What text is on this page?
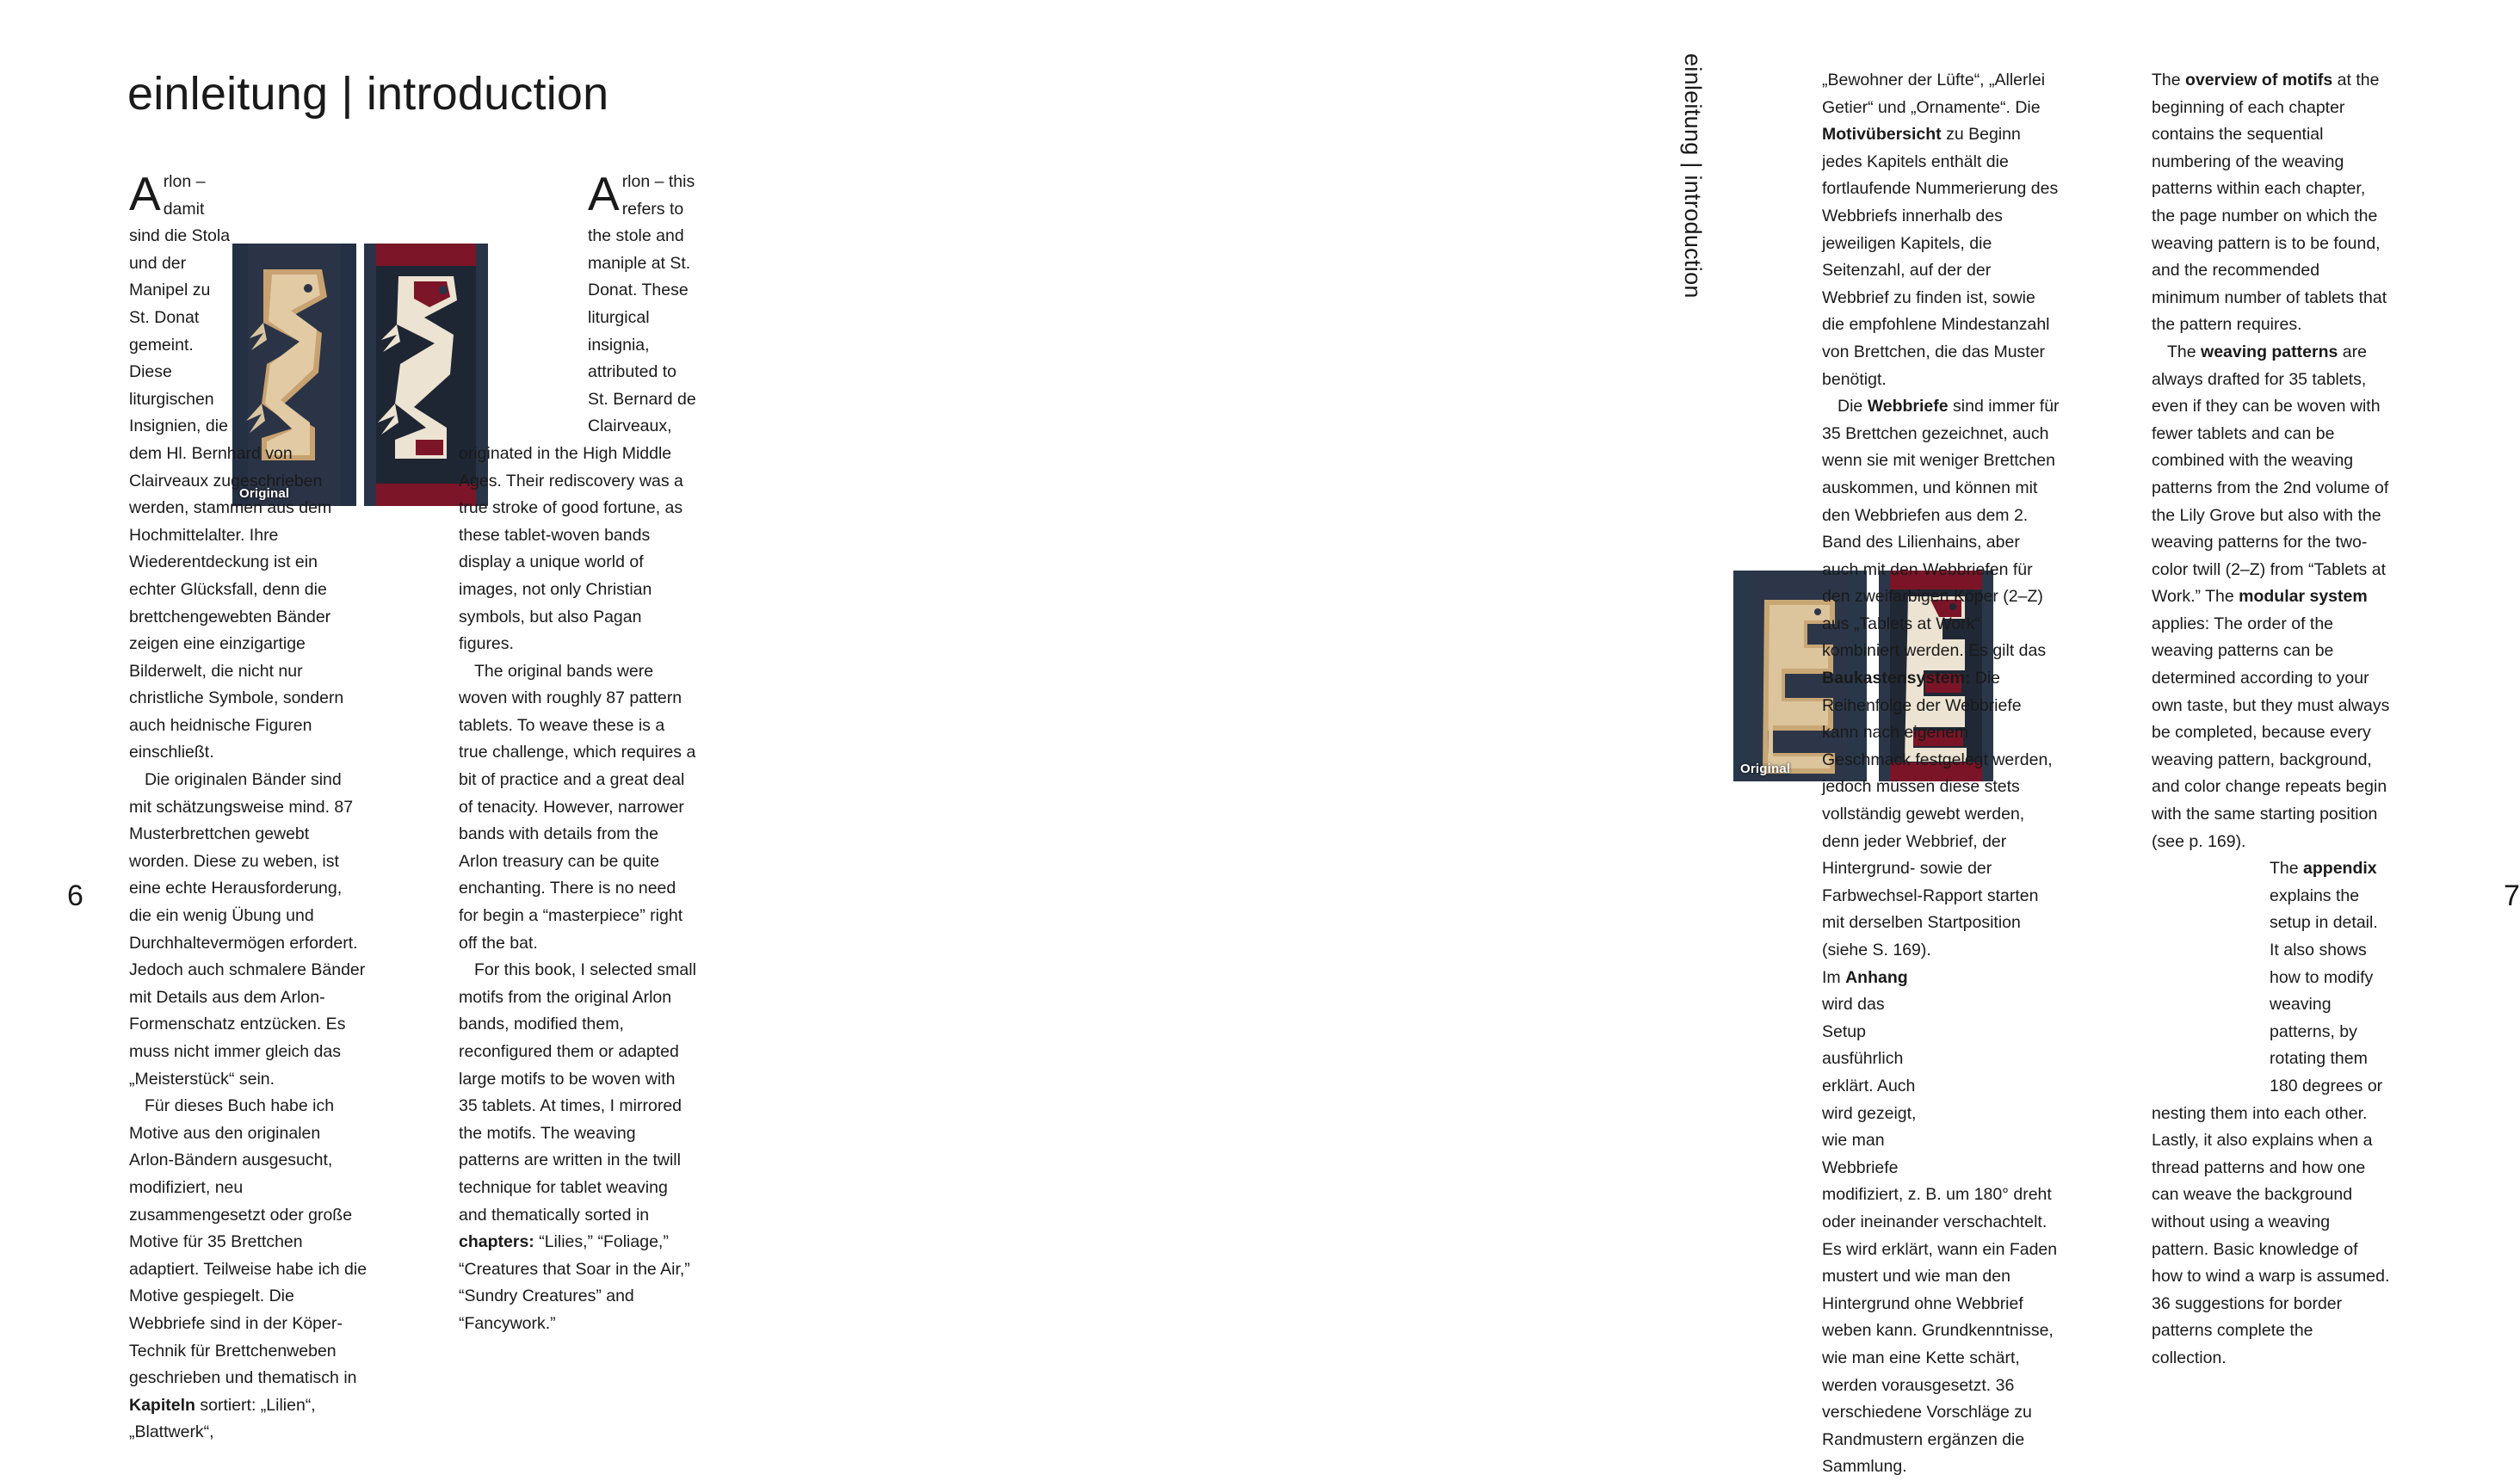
einleitung | introduction
Original

Arlon – damit sind die Stola und der Manipel zu St. Donat gemeint. Diese liturgischen Insignien, die dem Hl. Bernhard von Clairveaux zugeschrieben werden, stammen aus dem Hochmittelalter. Ihre Wiederentdeckung ist ein echter Glücksfall, denn die brettchengewebten Bänder zeigen eine einzigartige Bilderwelt, die nicht nur christliche Symbole, sondern auch heidnische Figuren einschließt.

Die originalen Bänder sind mit schätzungsweise mind. 87 Musterbrettchen gewebt worden. Diese zu weben, ist eine echte Herausforderung, die ein wenig Übung und Durchhaltevermögen erfordert. Jedoch auch schmalere Bänder mit Details aus dem Arlon-Formenschatz entzücken. Es muss nicht immer gleich das „Meisterstück“ sein.

Für dieses Buch habe ich Motive aus den originalen Arlon-Bändern ausgesucht, modifiziert, neu zusammengesetzt oder große Motive für 35 Brettchen adaptiert. Teilweise habe ich die Motive gespiegelt. Die Webbriefe sind in der Köper-Technik für Brettchenweben geschrieben und thematisch in Kapiteln sortiert: „Lilien“, „Blattwerk“,

Arlon – this refers to the stole and maniple at St. Donat. These liturgical insignia, attributed to St. Bernard de Clairveaux, originated in the High Middle Ages. Their rediscovery was a true stroke of good fortune, as these tablet-woven bands display a unique world of images, not only Christian symbols, but also Pagan figures.

The original bands were woven with roughly 87 pattern tablets. To weave these is a true challenge, which requires a bit of practice and a great deal of tenacity. However, narrower bands with details from the Arlon treasury can be quite enchanting. There is no need for begin a “masterpiece” right off the bat.

For this book, I selected small motifs from the original Arlon bands, modified them, reconfigured them or adapted large motifs to be woven with 35 tablets. At times, I mirrored the motifs. The weaving patterns are written in the twill technique for tablet weaving and thematically sorted in chapters: “Lilies,” “Foliage,” “Creatures that Soar in the Air,” “Sundry Creatures” and “Fancywork.”

6
Original

„Bewohner der Lüfte“, „Allerlei Getier“ und „Ornamente“. Die Motivübersicht zu Beginn jedes Kapitels enthält die fortlaufende Nummerierung des Webbriefs innerhalb des jeweiligen Kapitels, die Seitenzahl, auf der der Webbrief zu finden ist, sowie die empfohlene Mindestanzahl von Brettchen, die das Muster benötigt.

Die Webbriefe sind immer für 35 Brettchen gezeichnet, auch wenn sie mit weniger Brettchen auskommen, und können mit den Webbriefen aus dem 2. Band des Lilienhains, aber auch mit den Webbriefen für den zweifarbigen Köper (2–Z) aus „Tablets at Work“ kombiniert werden. Es gilt das Baukastensystem: Die Reihenfolge der Webbriefe kann nach eigenem Geschmack festgelegt werden, jedoch müssen diese stets vollständig gewebt werden, denn jeder Webbrief, der Hintergrund- sowie der Farbwechsel-Rapport starten mit derselben Startposition (siehe S. 169).

Im Anhang wird das Setup ausführlich erklärt. Auch wird gezeigt, wie man Webbriefe modifiziert, z. B. um 180° dreht oder ineinander verschachtelt. Es wird erklärt, wann ein Faden mustert und wie man den Hintergrund ohne Webbrief weben kann. Grundkenntnisse, wie man eine Kette schärt, werden vorausgesetzt. 36 verschiedene Vorschläge zu Randmustern ergänzen die Sammlung.

The overview of motifs at the beginning of each chapter contains the sequential numbering of the weaving patterns within each chapter, the page number on which the weaving pattern is to be found, and the recommended minimum number of tablets that the pattern requires.

The weaving patterns are always drafted for 35 tablets, even if they can be woven with fewer tablets and can be combined with the weaving patterns from the 2nd volume of the Lily Grove but also with the weaving patterns for the two-color twill (2–Z) from “Tablets at Work.” The modular system applies: The order of the weaving patterns can be determined according to your own taste, but they must always be completed, because every weaving pattern, background, and color change repeats begin with the same starting position (see p. 169).

The appendix explains the setup in detail. It also shows how to modify weaving patterns, by rotating them 180 degrees or nesting them into each other. Lastly, it also explains when a thread patterns and how one can weave the background without using a weaving pattern. Basic knowledge of how to wind a warp is assumed. 36 suggestions for border patterns complete the collection.

einleitung | introduction
7
